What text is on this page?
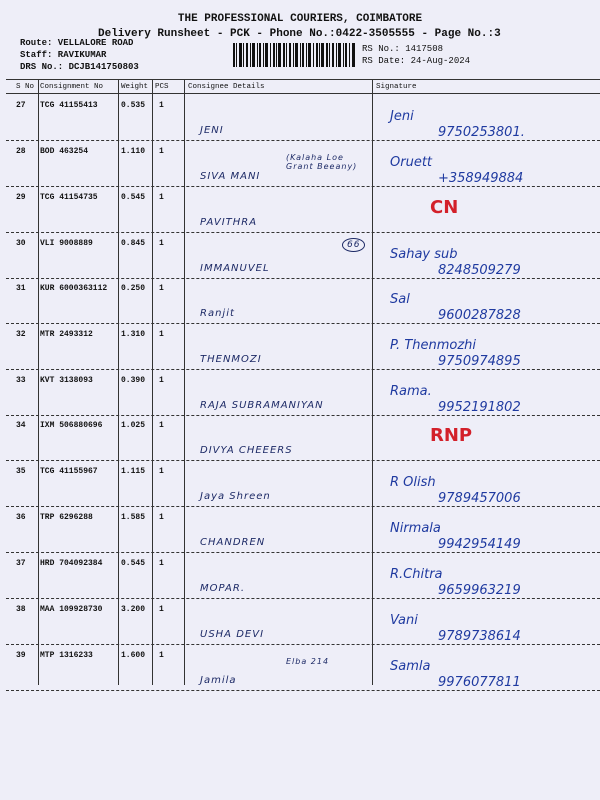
THE PROFESSIONAL COURIERS, COIMBATORE
Delivery Runsheet - PCK - Phone No.:0422-3505555 - Page No.:3
Route: VELLALORE ROAD
Staff: RAVIKUMAR
DRS No.: DCJB141750803
RS No.: 1417508
RS Date: 24-Aug-2024
S No Consignment No Weight PCS	Consignee Details	Signature
27 TCG 41155413	0.535 1
JENI
Jeni
9750253801.
28 BOD 463254	1.110 1
SIVA MANI
(Kalaha Loe Grant Beeany)	Oruett
+358949884
29 TCG 41154735	0.545 1
PAVITHRA
CN
30 VLI 9008889	0.845 1
IMMANUVEL
66
Sahay sub
8248509279
31 KUR 6000363112 0.250 1
Ranjit
Sal
9600287828
32 MTR 2493312	1.310 1
THENMOZI
P. Thenmozhi
9750974895
33 KVT 3138093	0.390 1
RAJA SUBRAMANIYAN
Rama.
9952191802
34 IXM 506880696 1.025 1
DIVYA CHEEERS
RNP
35 TCG 41155967	1.115 1
Jaya Shreen
R Olish
9789457006
36 TRP 6296288	1.585 1
CHANDREN
Nirmala
9942954149
37 HRD 704092384 0.545 1
MOPAR.
R.Chitra
9659963219
38 MAA 109928730 3.200 1
USHA DEVI
Vani
9789738614
39 MTP 1316233	1.600 1
Jamila
Elba 214	Samla
9976077811
